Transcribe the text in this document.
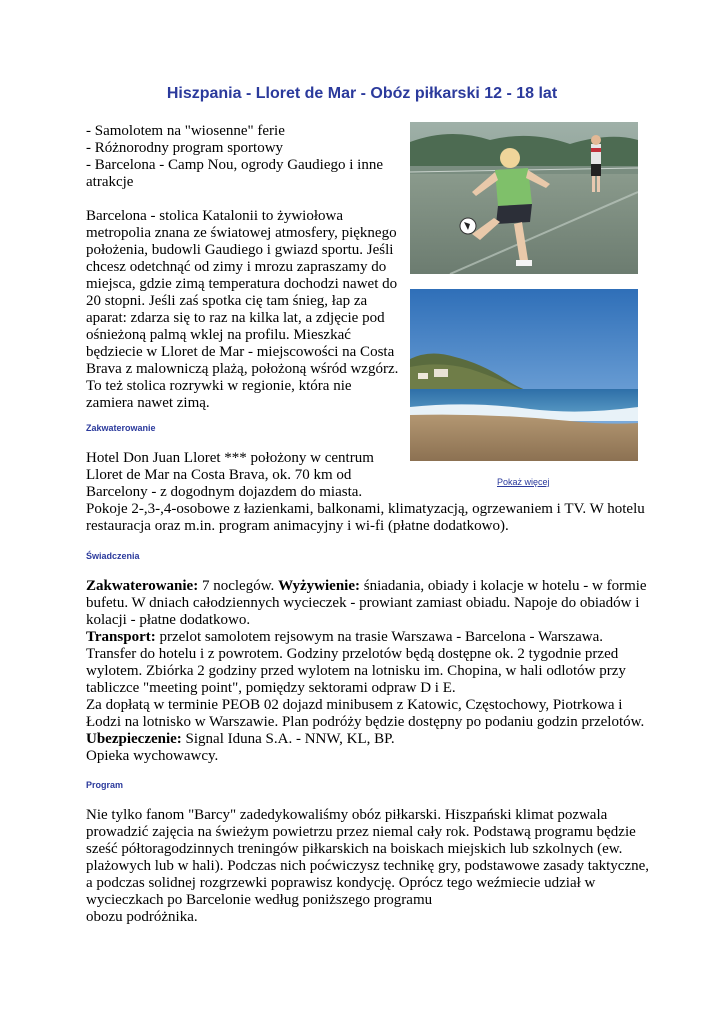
Hiszpania - Lloret de Mar - Obóz piłkarski 12 - 18 lat

- Samolotem na "wiosenne" ferie

- Różnorodny program sportowy

- Barcelona - Camp Nou, ogrody Gaudiego i inne

atrakcje

Barcelona - stolica Katalonii to żywiołowa

metropolia znana ze światowej atmosfery, pięknego

położenia, budowli Gaudiego i gwiazd sportu. Jeśli

chcesz odetchnąć od zimy i mrozu zapraszamy do

miejsca, gdzie zimą temperatura dochodzi nawet do

20 stopni. Jeśli zaś spotka cię tam śnieg, łap za

aparat: zdarza się to raz na kilka lat, a zdjęcie pod

ośnieżoną palmą wklej na profilu. Mieszkać

będziecie w Lloret de Mar - miejscowości na Costa

Brava z malowniczą plażą, położoną wśród wzgórz.

To też stolica rozrywki w regionie, która nie

zamiera nawet zimą.

Pokaż więcej
Zakwaterowanie

Hotel Don Juan Lloret *** położony w centrum

Lloret de Mar na Costa Brava, ok. 70 km od

Barcelony - z dogodnym dojazdem do miasta.

Pokoje 2-,3-,4-osobowe z łazienkami, balkonami, klimatyzacją, ogrzewaniem i TV. W hotelu

restauracja oraz m.in. program animacyjny i wi-fi (płatne dodatkowo).

Świadczenia

Zakwaterowanie: 7 noclegów. Wyżywienie: śniadania, obiady i kolacje w hotelu - w formie

bufetu. W dniach całodziennych wycieczek - prowiant zamiast obiadu. Napoje do obiadów i

kolacji - płatne dodatkowo.

Transport: przelot samolotem rejsowym na trasie Warszawa - Barcelona - Warszawa.

Transfer do hotelu i z powrotem. Godziny przelotów będą dostępne ok. 2 tygodnie przed

wylotem. Zbiórka 2 godziny przed wylotem na lotnisku im. Chopina, w hali odlotów przy

tabliczce "meeting point", pomiędzy sektorami odpraw D i E.

Za dopłatą w terminie PEOB 02 dojazd minibusem z Katowic, Częstochowy, Piotrkowa i

Łodzi na lotnisko w Warszawie. Plan podróży będzie dostępny po podaniu godzin przelotów.

Ubezpieczenie: Signal Iduna S.A. - NNW, KL, BP.

Opieka wychowawcy.

Program

Nie tylko fanom "Barcy" zadedykowaliśmy obóz piłkarski. Hiszpański klimat pozwala

prowadzić zajęcia na świeżym powietrzu przez niemal cały rok. Podstawą programu będzie

sześć półtoragodzinnych treningów piłkarskich na boiskach miejskich lub szkolnych (ew.

plażowych lub w hali). Podczas nich poćwiczysz technikę gry, podstawowe zasady taktyczne,

a podczas solidnej rozgrzewki poprawisz kondycję. Oprócz tego weźmiecie udział w

wycieczkach po Barcelonie według poniższego programu

obozu podróżnika.
